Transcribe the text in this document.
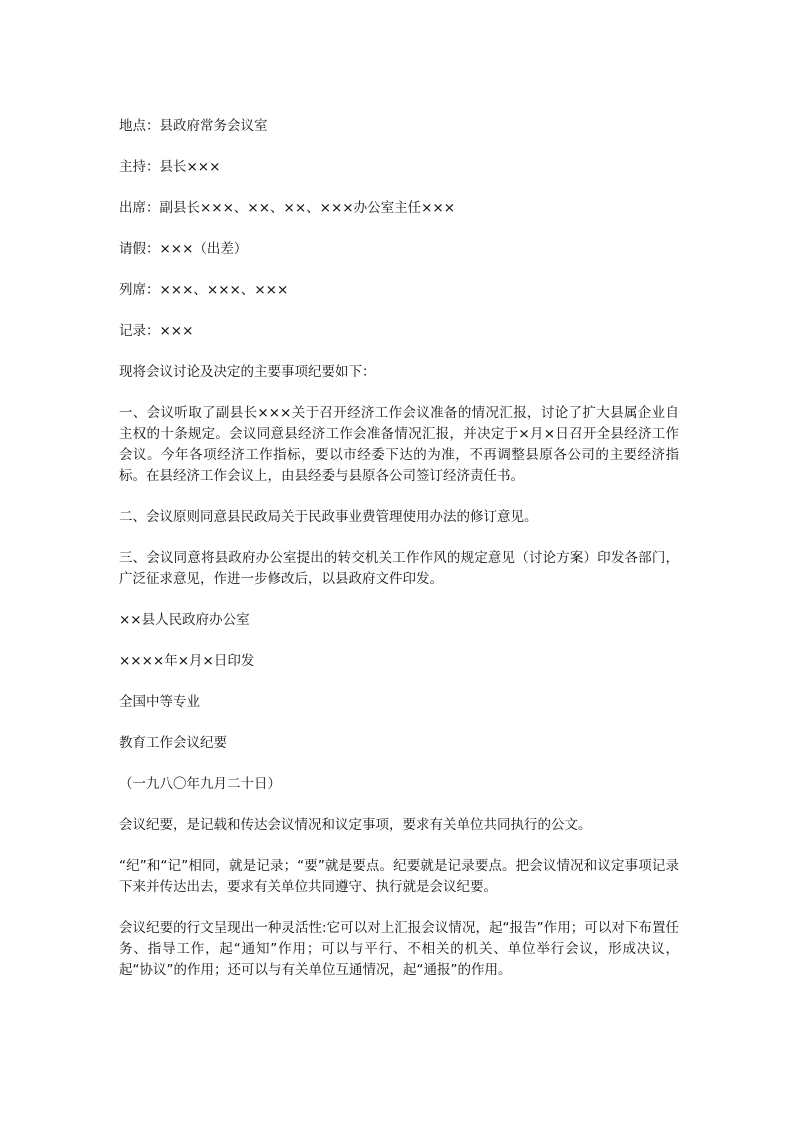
地点：县政府常务会议室

主持：县长×××

出席：副县长×××、××、××、×××办公室主任×××

请假：×××（出差）

列席：×××、×××、×××

记录：×××

现将会议讨论及决定的主要事项纪要如下：

一、会议听取了副县长×××关于召开经济工作会议准备的情况汇报，讨论了扩大县属企业自主权的十条规定。会议同意县经济工作会准备情况汇报，并决定于×月×日召开全县经济工作会议。今年各项经济工作指标，要以市经委下达的为准，不再调整县原各公司的主要经济指标。在县经济工作会议上，由县经委与县原各公司签订经济责任书。

二、会议原则同意县民政局关于民政事业费管理使用办法的修订意见。

三、会议同意将县政府办公室提出的转交机关工作作风的规定意见（讨论方案）印发各部门，广泛征求意见，作进一步修改后，以县政府文件印发。

××县人民政府办公室

××××年×月×日印发

全国中等专业

教育工作会议纪要

（一九八〇年九月二十日）

会议纪要，是记载和传达会议情况和议定事项，要求有关单位共同执行的公文。

“纪”和“记”相同，就是记录；“要”就是要点。纪要就是记录要点。把会议情况和议定事项记录下来并传达出去，要求有关单位共同遵守、执行就是会议纪要。

会议纪要的行文呈现出一种灵活性:它可以对上汇报会议情况，起“报告”作用；可以对下布置任务、指导工作，起“通知”作用；可以与平行、不相关的机关、单位举行会议，形成决议，起“协议”的作用；还可以与有关单位互通情况，起“通报”的作用。
